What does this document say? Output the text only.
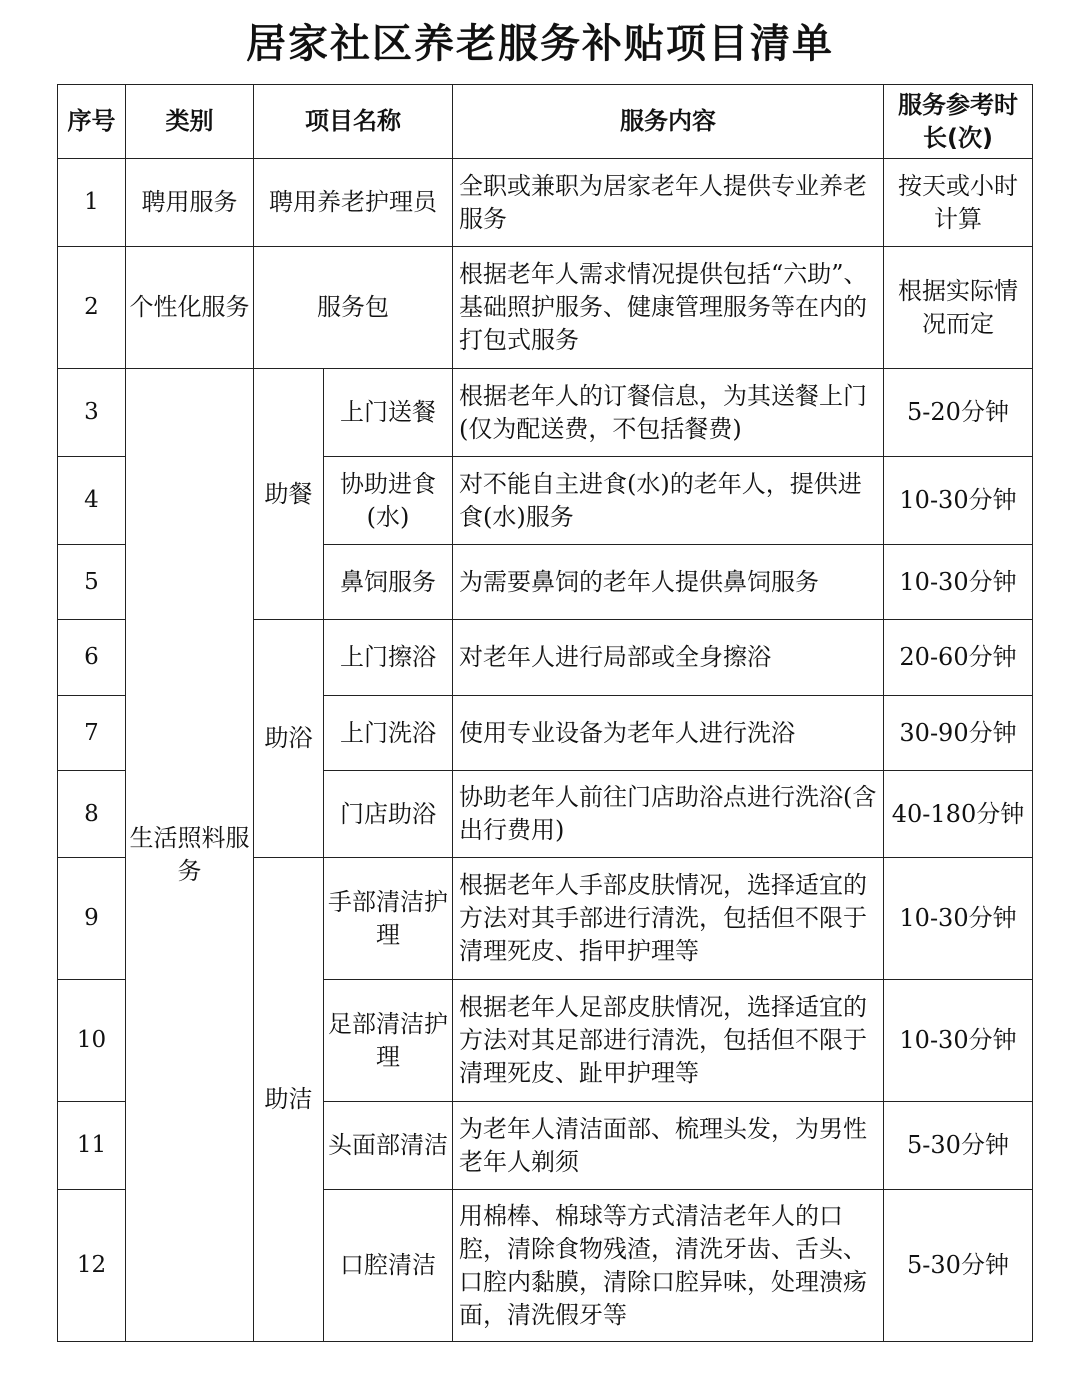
居家社区养老服务补贴项目清单
序号	类别	项目名称		服务内容	服务参考时长(次)
1	聘用服务	聘用养老护理员		全职或兼职为居家老年人提供专业养老服务	按天或小时计算
2	个性化服务	服务包		根据老年人需求情况提供包括“六助”、基础照护服务、健康管理服务等在内的打包式服务	根据实际情况而定
3	生活照料服务	助餐	上门送餐	根据老年人的订餐信息，为其送餐上门(仅为配送费，不包括餐费)	5-20分钟
4			协助进食(水)	对不能自主进食(水)的老年人，提供进食(水)服务	10-30分钟
5			鼻饲服务	为需要鼻饲的老年人提供鼻饲服务	10-30分钟
6		助浴	上门擦浴	对老年人进行局部或全身擦浴	20-60分钟
7			上门洗浴	使用专业设备为老年人进行洗浴	30-90分钟
8			门店助浴	协助老年人前往门店助浴点进行洗浴(含出行费用)	40-180分钟
9		助洁	手部清洁护理	根据老年人手部皮肤情况，选择适宜的方法对其手部进行清洗，包括但不限于清理死皮、指甲护理等	10-30分钟
10			足部清洁护理	根据老年人足部皮肤情况，选择适宜的方法对其足部进行清洗，包括但不限于清理死皮、趾甲护理等	10-30分钟
11			头面部清洁	为老年人清洁面部、梳理头发，为男性老年人剃须	5-30分钟
12			口腔清洁	用棉棒、棉球等方式清洁老年人的口腔，清除食物残渣，清洗牙齿、舌头、口腔内黏膜，清除口腔异味，处理溃疡面，清洗假牙等	5-30分钟
